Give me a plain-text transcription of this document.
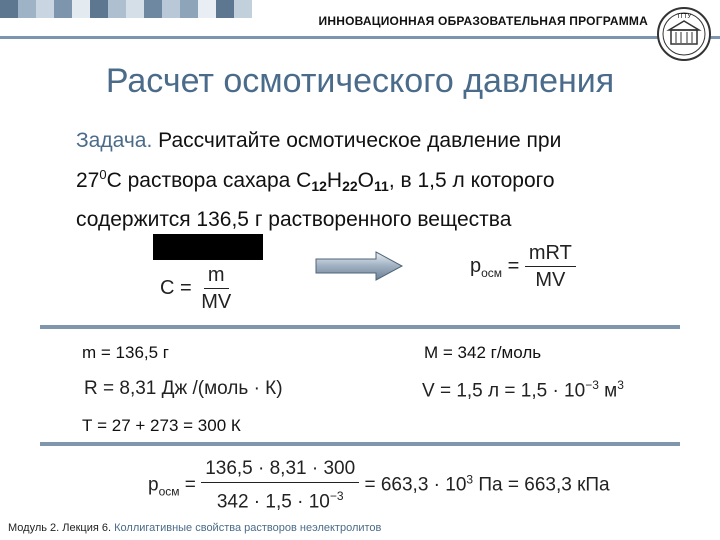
ИННОВАЦИОННАЯ ОБРАЗОВАТЕЛЬНАЯ ПРОГРАММА	ТГТУ
Расчет осмотического давления
Задача. Рассчитайте осмотическое давление при
$27^0С$ раствора сахара $С_{12}Н_{22}О_{11}$, в 1,5 л которого
содержится 136,5 г растворенного вещества
$C = \frac{m}{MV}$	$p_{осм} = \frac{\text{mRT}}{MV}$
m = 136,5 г	М = 342 г/моль
R = 8,31 Дж /(моль · К)	V = 1,5 $л = 1,5 \cdot 10^{-3}$ $м^3$
Т = 27 + 273 = 300 К
$p_{осм} = \frac{136,5 \cdot 8,31 \cdot 300}{342 \cdot 1,5 \cdot 10^{-3}} = 663,3 \cdot 10^3$ Па = 663,3 кПа
Модуль 2. Лекция 6. Коллигативные свойства растворов неэлектролитов
